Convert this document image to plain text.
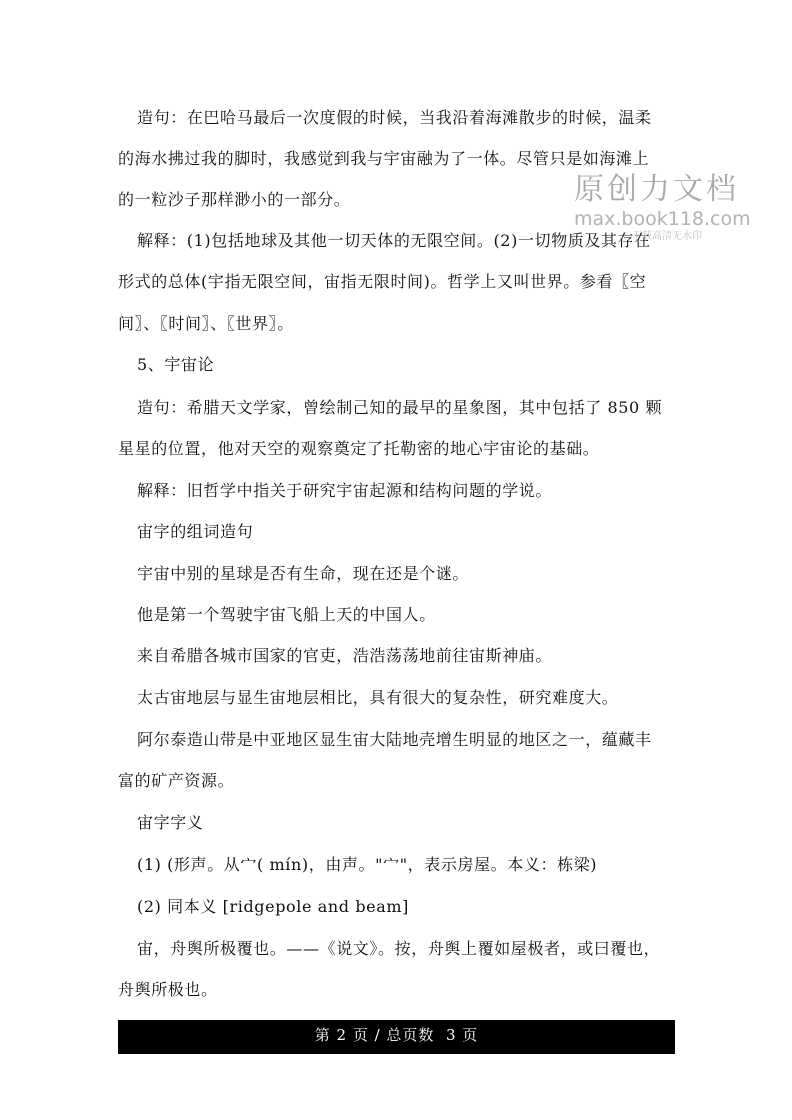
造句：在巴哈马最后一次度假的时候，当我沿着海滩散步的时候，温柔
的海水拂过我的脚时，我感觉到我与宇宙融为了一体。尽管只是如海滩上
的一粒沙子那样渺小的一部分。
解释：(1)包括地球及其他一切天体的无限空间。(2)一切物质及其存在
形式的总体(宇指无限空间，宙指无限时间)。哲学上又叫世界。参看〖空
间〗、〖时间〗、〖世界〗。
5、宇宙论
造句：希腊天文学家，曾绘制己知的最早的星象图，其中包括了 850 颗
星星的位置，他对天空的观察奠定了托勒密的地心宇宙论的基础。
解释：旧哲学中指关于研究宇宙起源和结构问题的学说。
宙字的组词造句
宇宙中别的星球是否有生命，现在还是个谜。
他是第一个驾驶宇宙飞船上天的中国人。
来自希腊各城市国家的官吏，浩浩荡荡地前往宙斯神庙。
太古宙地层与显生宙地层相比，具有很大的复杂性，研究难度大。
阿尔泰造山带是中亚地区显生宙大陆地壳增生明显的地区之一，蕴藏丰
富的矿产资源。
宙字字义
(1) (形声。从宀( mín)，由声。"宀"，表示房屋。本义：栋梁)
(2) 同本义 [ridgepole and beam]
宙，舟舆所极覆也。——《说文》。按，舟舆上覆如屋极者，或曰覆也，
舟舆所极也。
原创力文档
max.book118.com
下载高清无水印
第 2 页 / 总页数  3 页
